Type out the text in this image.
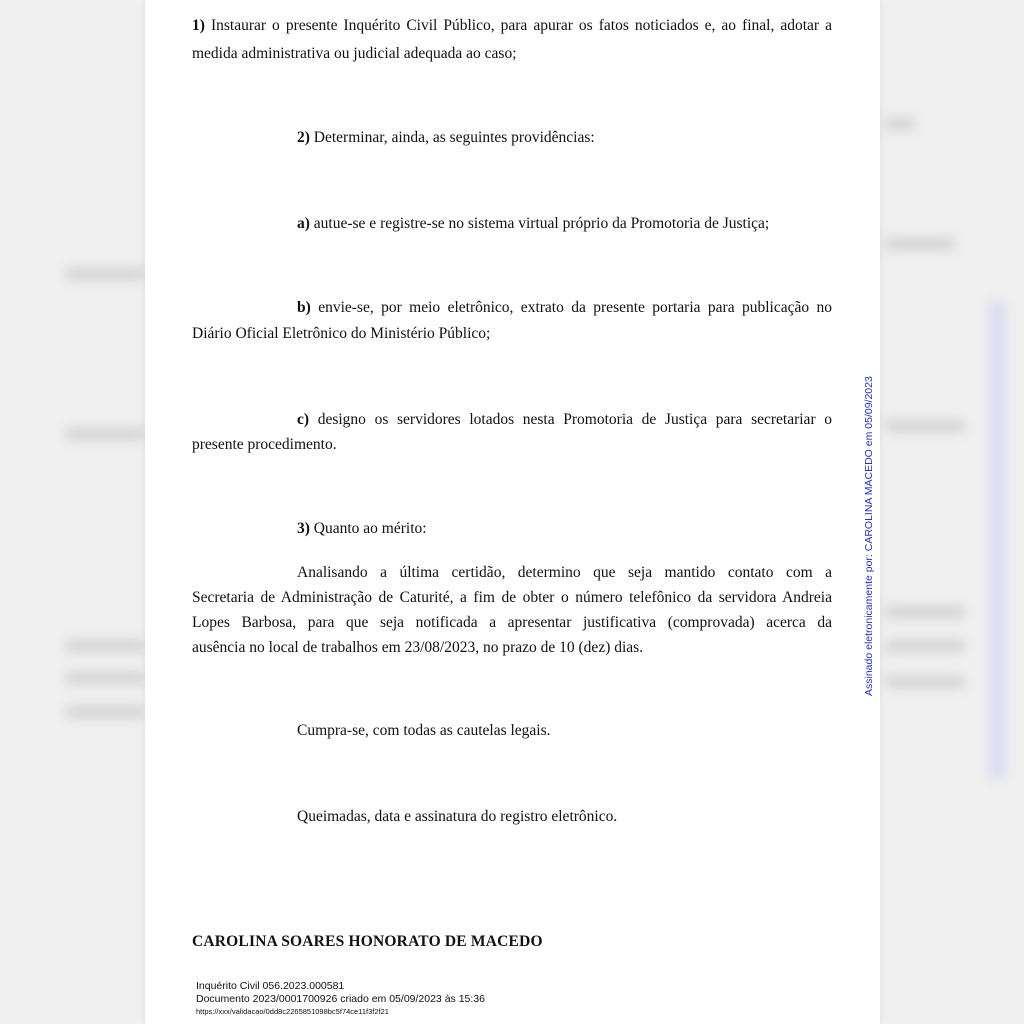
1) Instaurar o presente Inquérito Civil Público, para apurar os fatos noticiados e, ao final, adotar a
medida administrativa ou judicial adequada ao caso;
2) Determinar, ainda, as seguintes providências:
a) autue-se e registre-se no sistema virtual próprio da Promotoria de Justiça;
b) envie-se, por meio eletrônico, extrato da presente portaria para publicação no
Diário Oficial Eletrônico do Ministério Público;
c) designo os servidores lotados nesta Promotoria de Justiça para secretariar o
presente procedimento.
3) Quanto ao mérito:
Analisando a última certidão, determino que seja mantido contato com a
Secretaria de Administração de Caturité, a fim de obter o número telefônico da servidora Andreia
Lopes Barbosa, para que seja notificada a apresentar justificativa (comprovada) acerca da
ausência no local de trabalhos em 23/08/2023, no prazo de 10 (dez) dias.
Cumpra-se, com todas as cautelas legais.
Queimadas, data e assinatura do registro eletrônico.
CAROLINA SOARES HONORATO DE MACEDO
Inquérito Civil 056.2023.000581
Documento 2023/0001700926 criado em 05/09/2023 às 15:36
https://xxx/validacao/0dd8c2265851098bc5f74ce11f3f2f21
Assinado eletronicamente por: CAROLINA MACEDO em 05/09/2023
